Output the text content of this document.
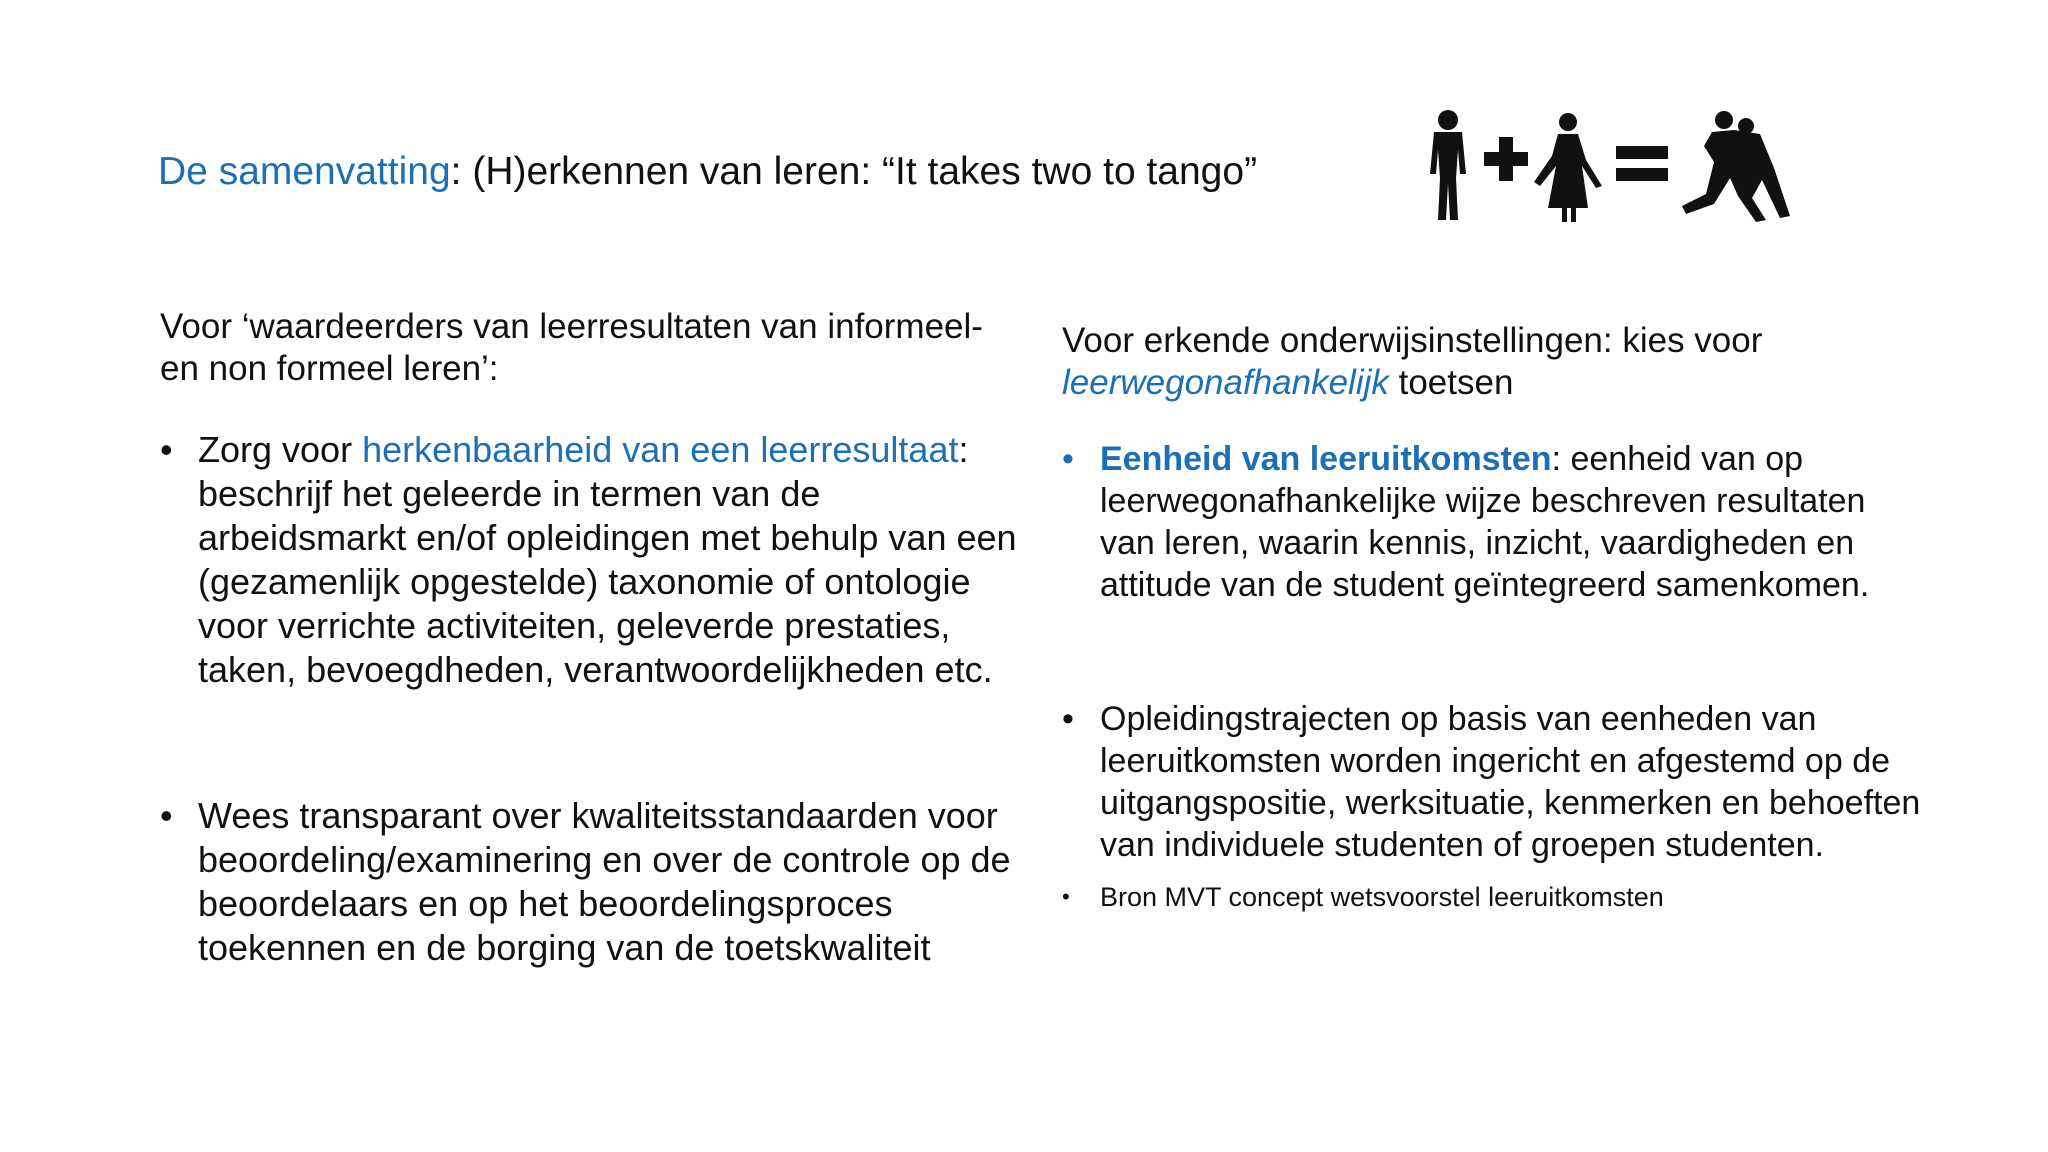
De samenvatting: (H)erkennen van leren: “It takes two to tango”

Voor ‘waardeerders van leerresultaten van informeel- en non formeel leren’:

• Zorg voor herkenbaarheid van een leerresultaat: beschrijf het geleerde in termen van de arbeidsmarkt en/of opleidingen met behulp van een (gezamenlijk opgestelde) taxonomie of ontologie voor verrichte activiteiten, geleverde prestaties, taken, bevoegdheden, verantwoordelijkheden etc.
• Wees transparant over kwaliteitsstandaarden voor beoordeling/examinering en over de controle op de beoordelaars en op het beoordelingsproces toekennen en de borging van de toetskwaliteit

Voor erkende onderwijsinstellingen: kies voor leerwegonafhankelijk toetsen

• Eenheid van leeruitkomsten: eenheid van op leerwegonafhankelijke wijze beschreven resultaten van leren, waarin kennis, inzicht, vaardigheden en attitude van de student geïntegreerd samenkomen.
• Opleidingstrajecten op basis van eenheden van leeruitkomsten worden ingericht en afgestemd op de uitgangspositie, werksituatie, kenmerken en behoeften van individuele studenten of groepen studenten.
• Bron MVT concept wetsvoorstel leeruitkomsten
